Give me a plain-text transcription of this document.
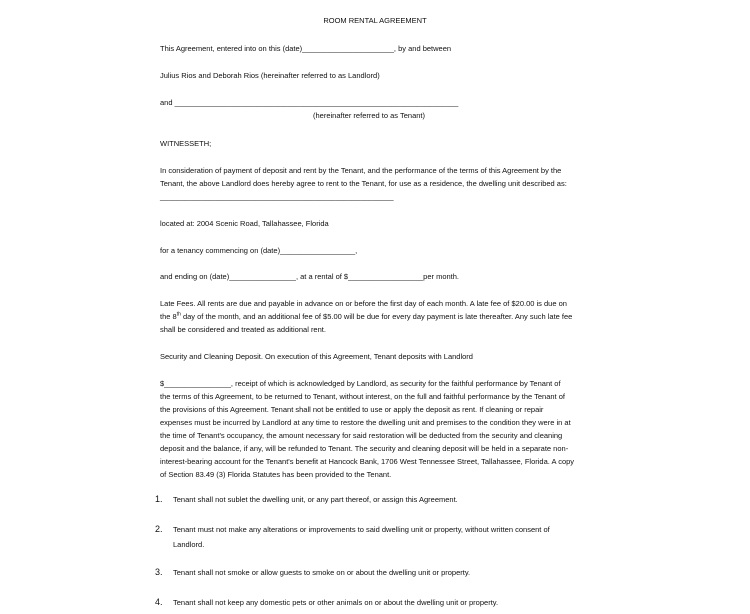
ROOM RENTAL AGREEMENT
This Agreement, entered into on this (date)______________________, by and between
Julius Rios and Deborah Rios (hereinafter referred to as Landlord)
and ____________________________________________________________________
(hereinafter referred to as Tenant)
WITNESSETH;
In consideration of payment of deposit and rent by the Tenant, and the performance of the terms of this Agreement by the
Tenant, the above Landlord does hereby agree to rent to the Tenant, for use as a residence, the dwelling unit described as:
________________________________________________________
located at: 2004 Scenic Road, Tallahassee, Florida
for a tenancy commencing on (date)__________________,
and ending on (date)________________, at a rental of $__________________per month.
Late Fees. All rents are due and payable in advance on or before the first day of each month. A late fee of $20.00 is due on
the 8th day of the month, and an additional fee of $5.00 will be due for every day payment is late thereafter. Any such late fee
shall be considered and treated as additional rent.
Security and Cleaning Deposit. On execution of this Agreement, Tenant deposits with Landlord
$________________, receipt of which is acknowledged by Landlord, as security for the faithful performance by Tenant of
the terms of this Agreement, to be returned to Tenant, without interest, on the full and faithful performance by the Tenant of
the provisions of this Agreement. Tenant shall not be entitled to use or apply the deposit as rent. If cleaning or repair
expenses must be incurred by Landlord at any time to restore the dwelling unit and premises to the condition they were in at
the time of Tenant's occupancy, the amount necessary for said restoration will be deducted from the security and cleaning
deposit and the balance, if any, will be refunded to Tenant. The security and cleaning deposit will be held in a separate non-
interest-bearing account for the Tenant's benefit at Hancock Bank, 1706 West Tennessee Street, Tallahassee, Florida. A copy
of Section 83.49 (3) Florida Statutes has been provided to the Tenant.
1. Tenant shall not sublet the dwelling unit, or any part thereof, or assign this Agreement.
2. Tenant must not make any alterations or improvements to said dwelling unit or property, without written consent of
Landlord.
3. Tenant shall not smoke or allow guests to smoke on or about the dwelling unit or property.
4. Tenant shall not keep any domestic pets or other animals on or about the dwelling unit or property.
